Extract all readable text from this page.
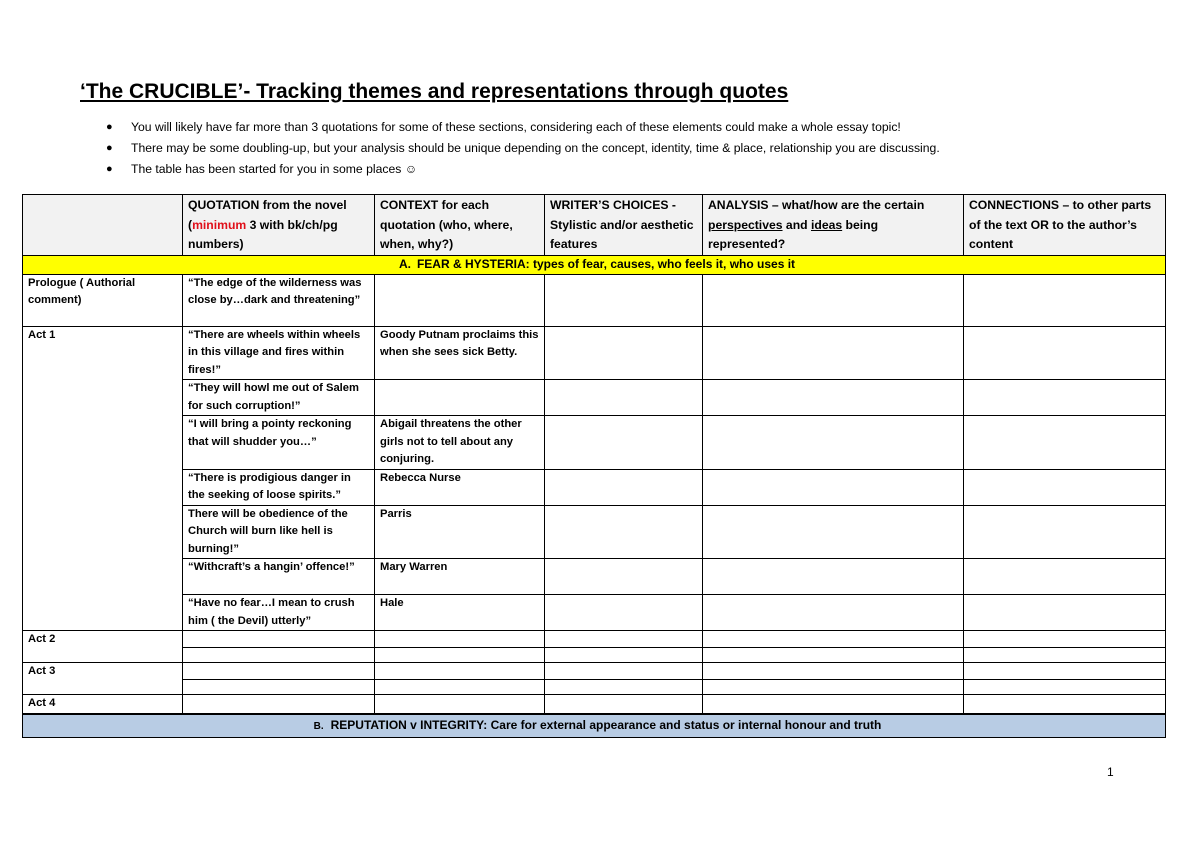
‘The CRUCIBLE’- Tracking themes and representations through quotes
● You will likely have far more than 3 quotations for some of these sections, considering each of these elements could make a whole essay topic!
● There may be some doubling-up, but your analysis should be unique depending on the concept, identity, time & place, relationship you are discussing.
● The table has been started for you in some places ☺
	QUOTATION from the novel (minimum 3 with bk/ch/pg numbers)	CONTEXT for each quotation (who, where, when, why?)	WRITER’S CHOICES -Stylistic and/or aesthetic features	ANALYSIS – what/how are the certain perspectives and ideas being represented?	CONNECTIONS – to other parts of the text OR to the author’s content
A. FEAR & HYSTERIA: types of fear, causes, who feels it, who uses it					
Prologue ( Authorial comment)	“The edge of the wilderness was close by…dark and threatening”				
Act 1	“There are wheels within wheels in this village and fires within fires!”	Goody Putnam proclaims this when she sees sick Betty.			
	“They will howl me out of Salem for such corruption!”				
	“I will bring a pointy reckoning that will shudder you…”	Abigail threatens the other girls not to tell about any conjuring.			
	“There is prodigious danger in the seeking of loose spirits.”	Rebecca Nurse			
	There will be obedience of the Church will burn like hell is burning!”	Parris			
	“Withcraft’s a hangin’ offence!”	Mary Warren			
	“Have no fear…I mean to crush him ( the Devil) utterly”	Hale			
Act 2					

Act 3					

Act 4					
B. REPUTATION v INTEGRITY: Care for external appearance and status or internal honour and truth					
1
